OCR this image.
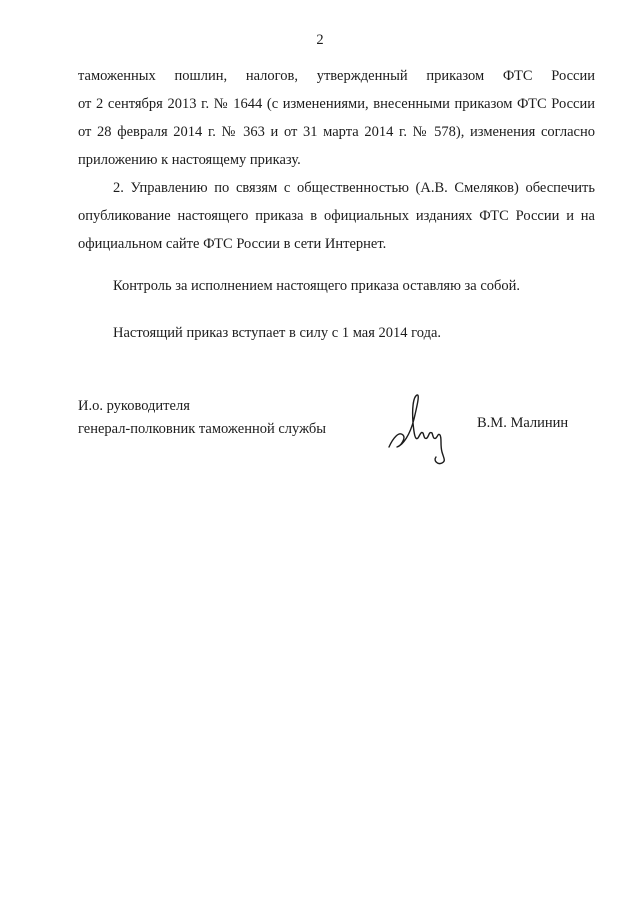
2
таможенных пошлин, налогов, утвержденный приказом ФТС России
от 2 сентября 2013 г. № 1644 (с изменениями, внесенными приказом ФТС России
от 28 февраля 2014 г. № 363 и от 31 марта 2014 г. № 578), изменения согласно
приложению к настоящему приказу.
2. Управлению по связям с общественностью (А.В. Смеляков) обеспечить
опубликование настоящего приказа в официальных изданиях ФТС России и на
официальном сайте ФТС России в сети Интернет.
Контроль за исполнением настоящего приказа оставляю за собой.
Настоящий приказ вступает в силу с 1 мая 2014 года.
И.о. руководителя
генерал-полковник таможенной службы	В.М. Малинин
